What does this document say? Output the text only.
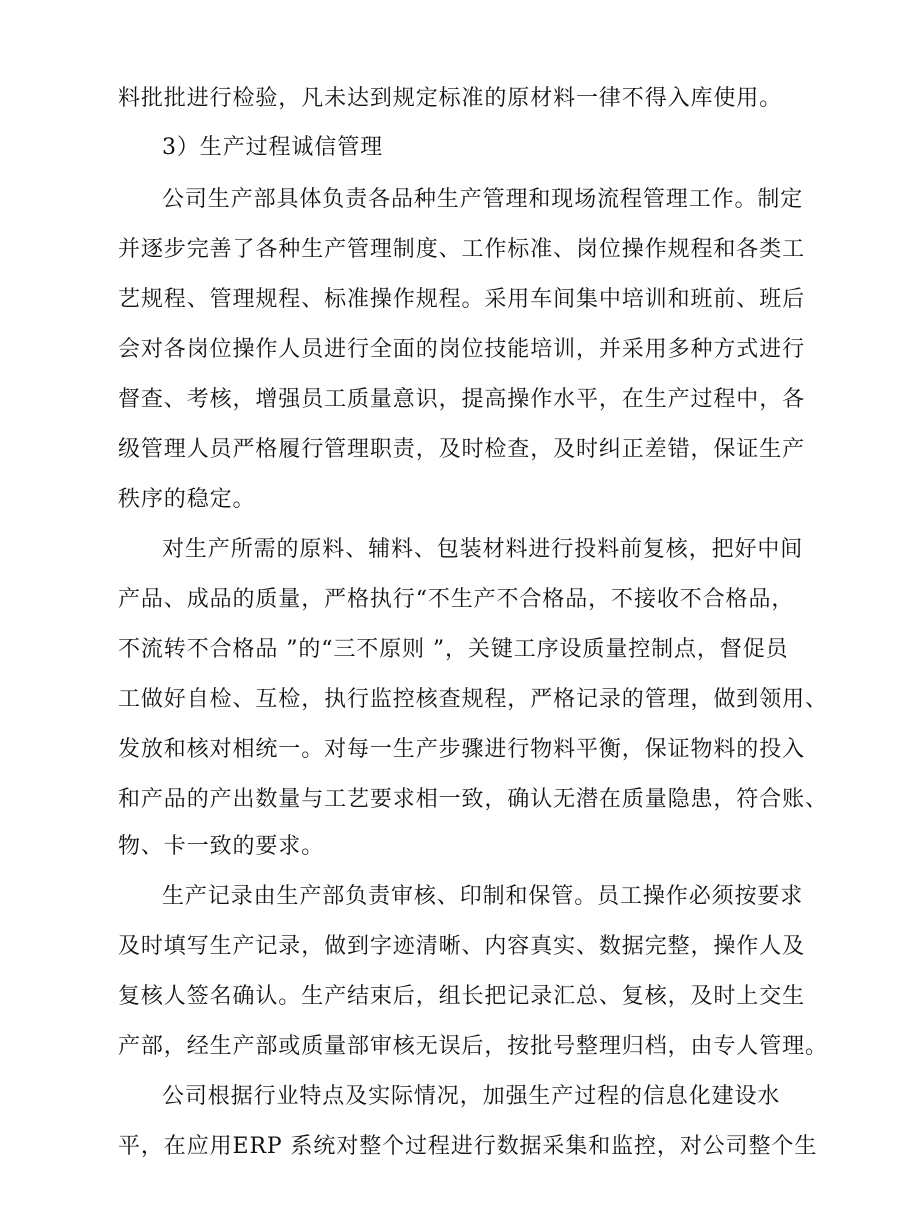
料批批进行检验，凡未达到规定标准的原材料一律不得入库使用。
3）生产过程诚信管理
公司生产部具体负责各品种生产管理和现场流程管理工作。制定
并逐步完善了各种生产管理制度、工作标准、岗位操作规程和各类工
艺规程、管理规程、标准操作规程。采用车间集中培训和班前、班后
会对各岗位操作人员进行全面的岗位技能培训，并采用多种方式进行
督查、考核，增强员工质量意识，提高操作水平，在生产过程中，各
级管理人员严格履行管理职责，及时检查，及时纠正差错，保证生产
秩序的稳定。
对生产所需的原料、辅料、包装材料进行投料前复核，把好中间
产品、成品的质量，严格执行“不生产不合格品，不接收不合格品，
不流转不合格品 ”的“三不原则 ”，关键工序设质量控制点，督促员
工做好自检、互检，执行监控核查规程，严格记录的管理，做到领用、
发放和核对相统一。对每一生产步骤进行物料平衡，保证物料的投入
和产品的产出数量与工艺要求相一致，确认无潜在质量隐患，符合账、
物、卡一致的要求。
生产记录由生产部负责审核、印制和保管。员工操作必须按要求
及时填写生产记录，做到字迹清晰、内容真实、数据完整，操作人及
复核人签名确认。生产结束后，组长把记录汇总、复核，及时上交生
产部，经生产部或质量部审核无误后，按批号整理归档，由专人管理。
公司根据行业特点及实际情况，加强生产过程的信息化建设水
平，在应用ERP 系统对整个过程进行数据采集和监控，对公司整个生
